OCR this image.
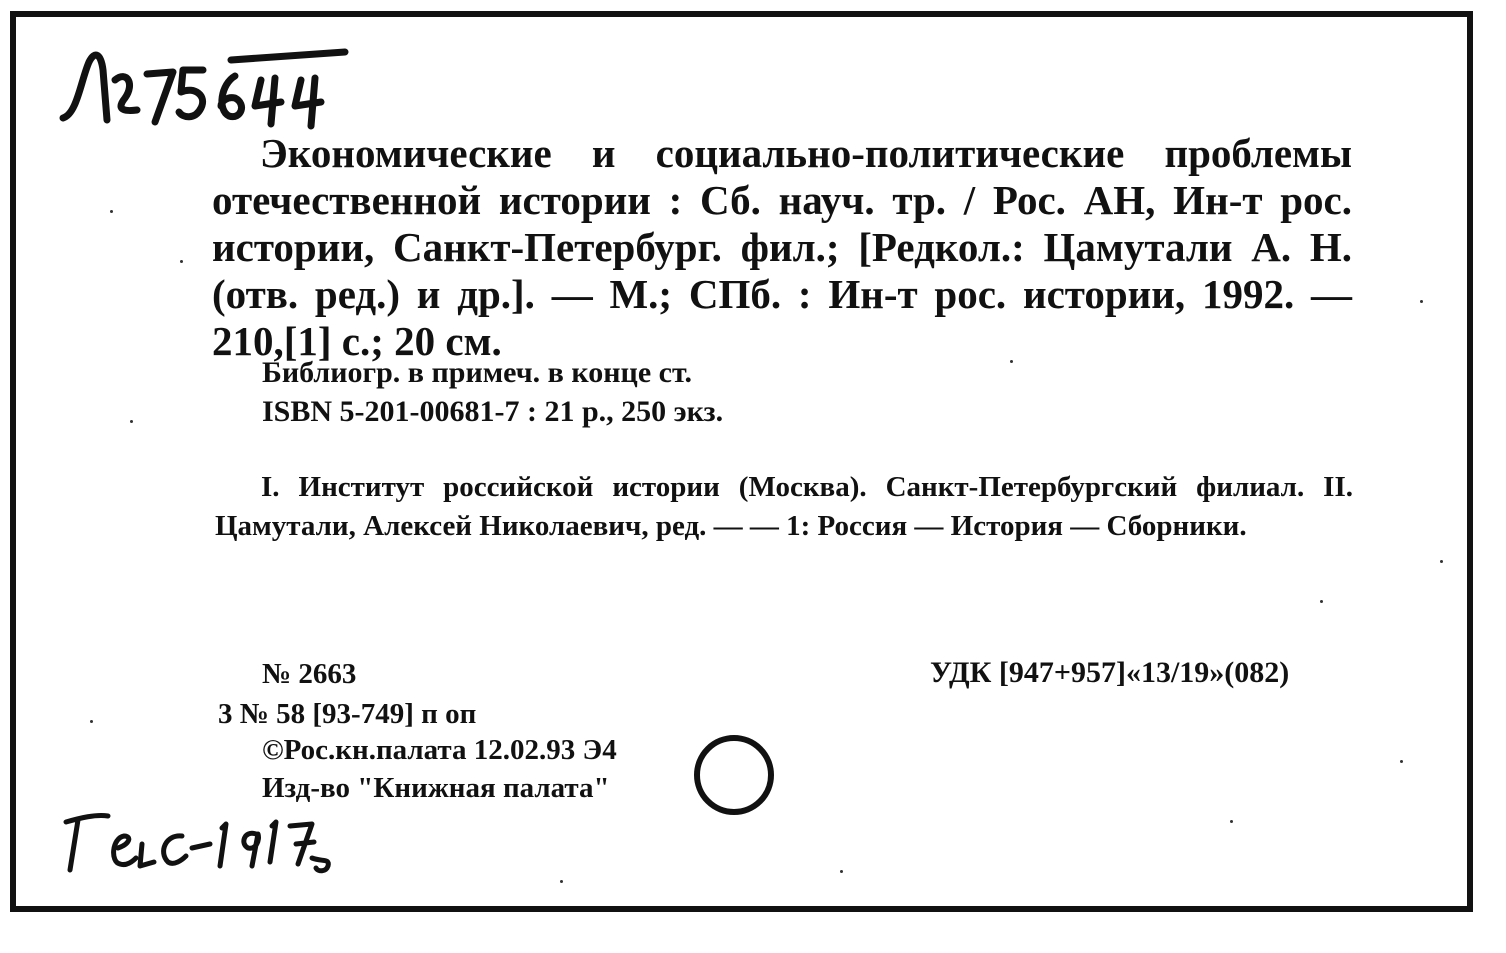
Экономические и социально-политические проблемы отечественной истории : Сб. науч. тр. / Рос. АН, Ин-т рос. истории, Санкт-Петербург. фил.; [Редкол.: Цамутали А. Н. (отв. ред.) и др.]. — М.; СПб. : Ин-т рос. истории, 1992. — 210,[1] с.; 20 см.
Библиогр. в примеч. в конце ст.
ISBN 5-201-00681-7 : 21 р., 250 экз.
I. Институт российской истории (Москва). Санкт-Петербургский филиал. II. Цамутали, Алексей Николаевич, ред. — — 1: Россия — История — Сборники.
№ 2663	УДК [947+957]«13/19»(082)
3 № 58 [93-749] п оп
©Рос.кн.палата 12.02.93 Э4
Изд-во "Книжная палата"
